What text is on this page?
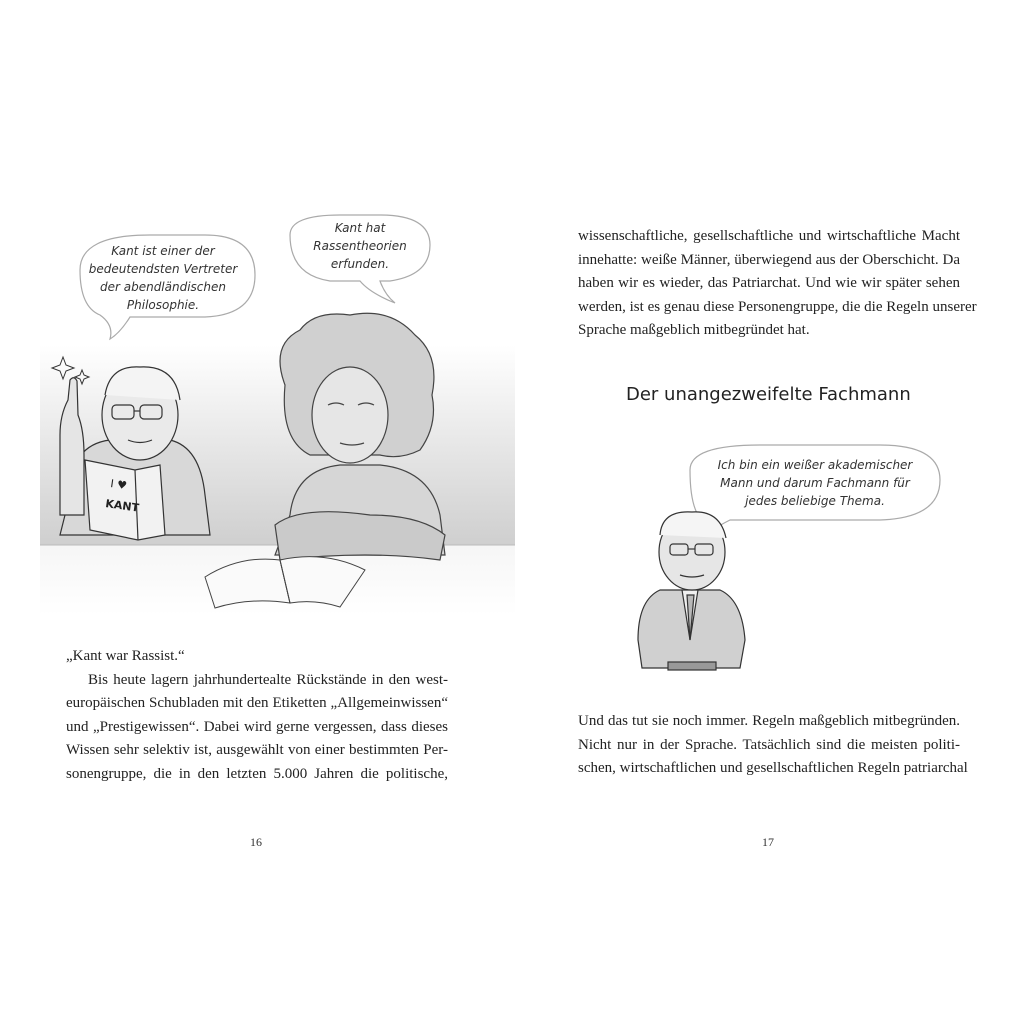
I ♥
KANT
Kant ist einer der
bedeutendsten Vertreter
der abendländischen
Philosophie.
Kant hat
Rassentheorien
erfunden.
„Kant war Rassist.“
Bis heute lagern jahrhundertealte Rückstände in den west-
europäischen Schubladen mit den Etiketten „Allgemeinwissen“
und „Prestigewissen“. Dabei wird gerne vergessen, dass dieses
Wissen sehr selektiv ist, ausgewählt von einer bestimmten Per-
sonengruppe, die in den letzten 5.000 Jahren die politische,
16
wissenschaftliche, gesellschaftliche und wirtschaftliche Macht
innehatte: weiße Männer, überwiegend aus der Oberschicht. Da
haben wir es wieder, das Patriarchat. Und wie wir später sehen
werden, ist es genau diese Personengruppe, die die Regeln unserer
Sprache maßgeblich mitbegründet hat.
Der unangezweifelte Fachmann
Ich bin ein weißer akademischer
Mann und darum Fachmann für
jedes beliebige Thema.
Und das tut sie noch immer. Regeln maßgeblich mitbegründen.
Nicht nur in der Sprache. Tatsächlich sind die meisten politi-
schen, wirtschaftlichen und gesellschaftlichen Regeln patriarchal
17
